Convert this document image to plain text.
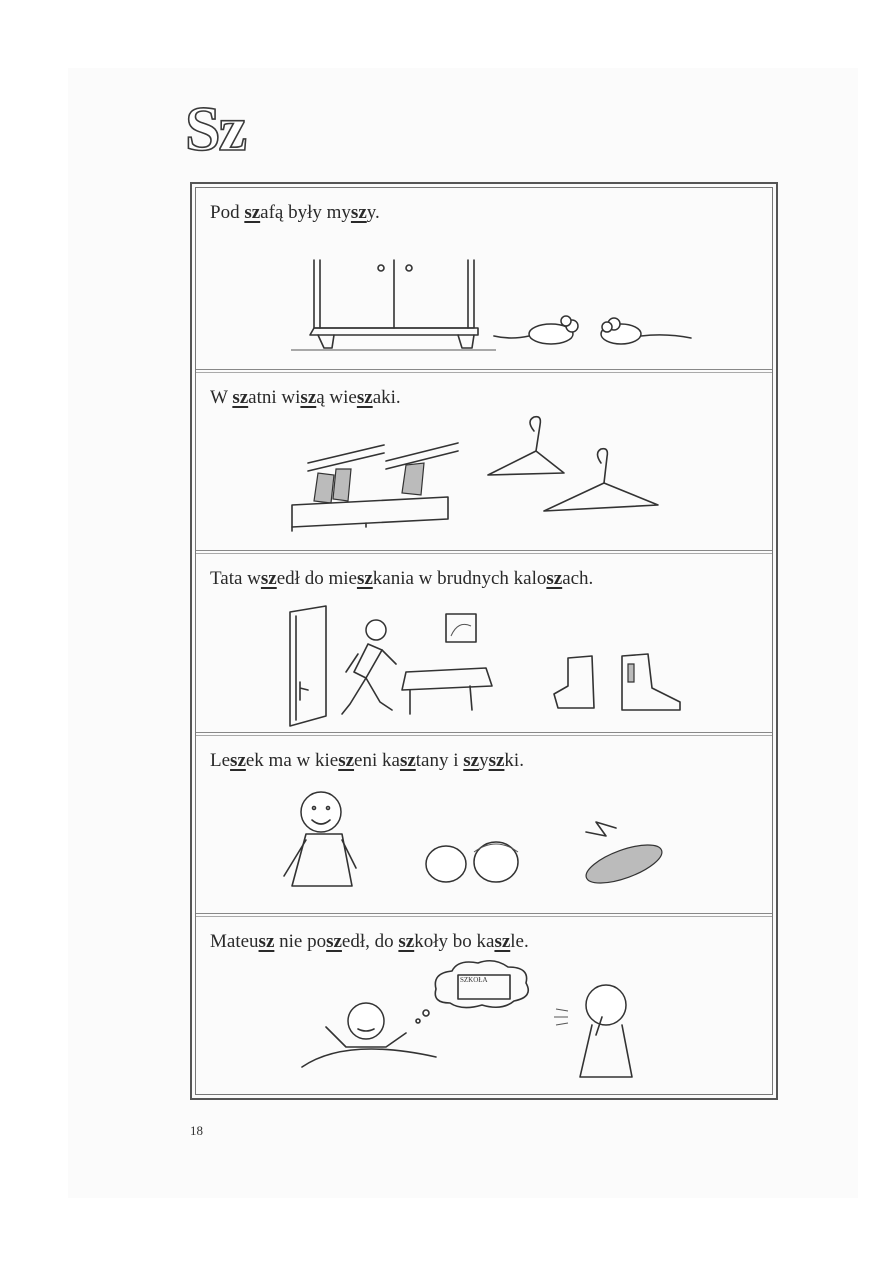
Sz
Pod szafą były myszy.
W szatni wiszą wieszaki.
Tata wszedł do mieszkania w brudnych kaloszach.
Leszek ma w kieszeni kasztany i szyszki.
Mateusz nie poszedł, do szkoły bo kaszle.
SZKOŁA
18
